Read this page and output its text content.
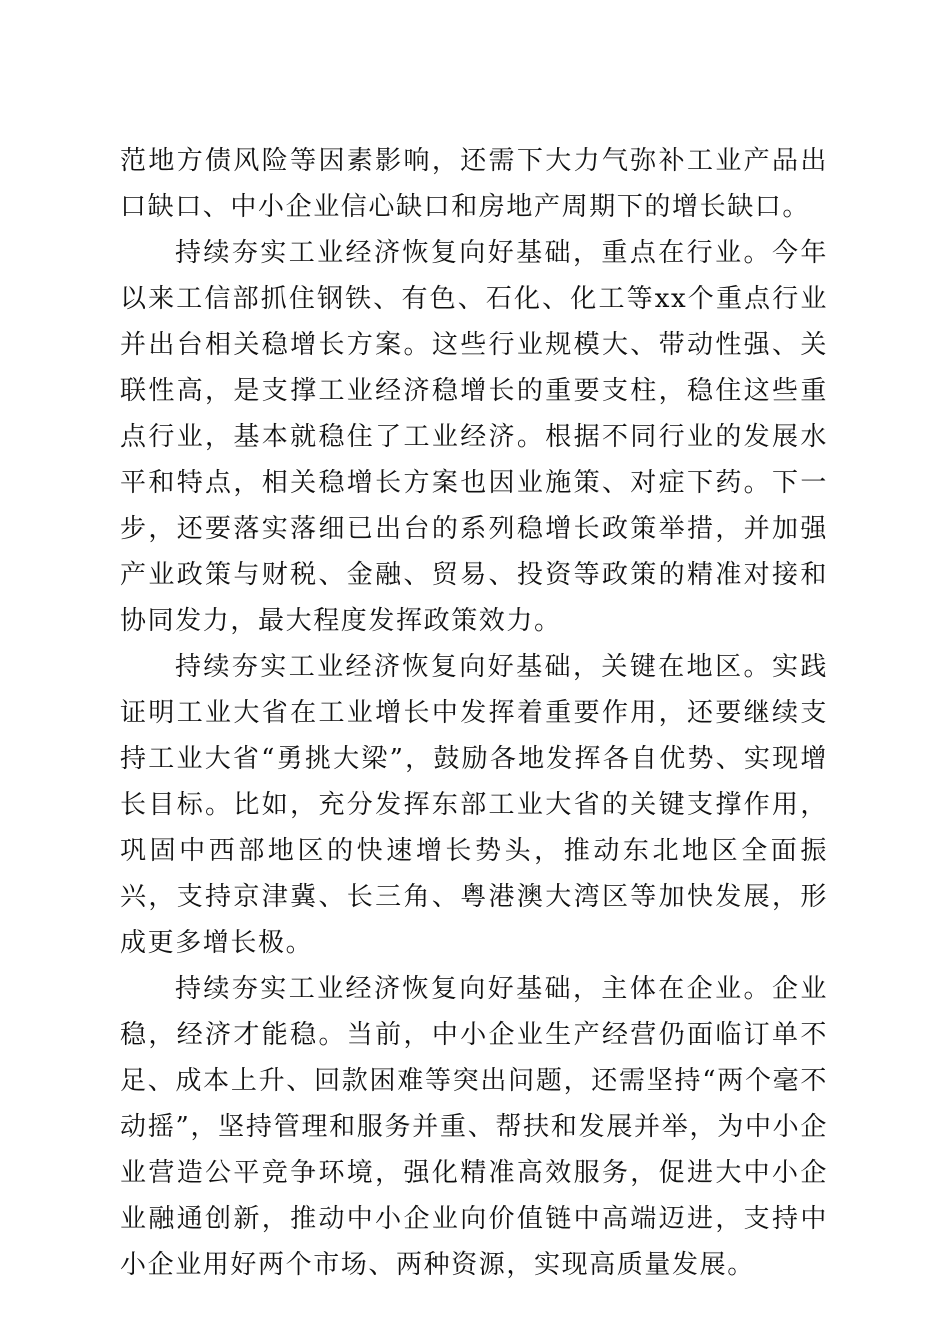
范地方债风险等因素影响，还需下大力气弥补工业产品出口缺口、中小企业信心缺口和房地产周期下的增长缺口。

持续夯实工业经济恢复向好基础，重点在行业。今年以来工信部抓住钢铁、有色、石化、化工等xx个重点行业并出台相关稳增长方案。这些行业规模大、带动性强、关联性高，是支撑工业经济稳增长的重要支柱，稳住这些重点行业，基本就稳住了工业经济。根据不同行业的发展水平和特点，相关稳增长方案也因业施策、对症下药。下一步，还要落实落细已出台的系列稳增长政策举措，并加强产业政策与财税、金融、贸易、投资等政策的精准对接和协同发力，最大程度发挥政策效力。

持续夯实工业经济恢复向好基础，关键在地区。实践证明工业大省在工业增长中发挥着重要作用，还要继续支持工业大省“勇挑大梁”，鼓励各地发挥各自优势、实现增长目标。比如，充分发挥东部工业大省的关键支撑作用，巩固中西部地区的快速增长势头，推动东北地区全面振兴，支持京津冀、长三角、粤港澳大湾区等加快发展，形成更多增长极。

持续夯实工业经济恢复向好基础，主体在企业。企业稳，经济才能稳。当前，中小企业生产经营仍面临订单不足、成本上升、回款困难等突出问题，还需坚持“两个毫不动摇”，坚持管理和服务并重、帮扶和发展并举，为中小企业营造公平竞争环境，强化精准高效服务，促进大中小企业融通创新，推动中小企业向价值链中高端迈进，支持中小企业用好两个市场、两种资源，实现高质量发展。
